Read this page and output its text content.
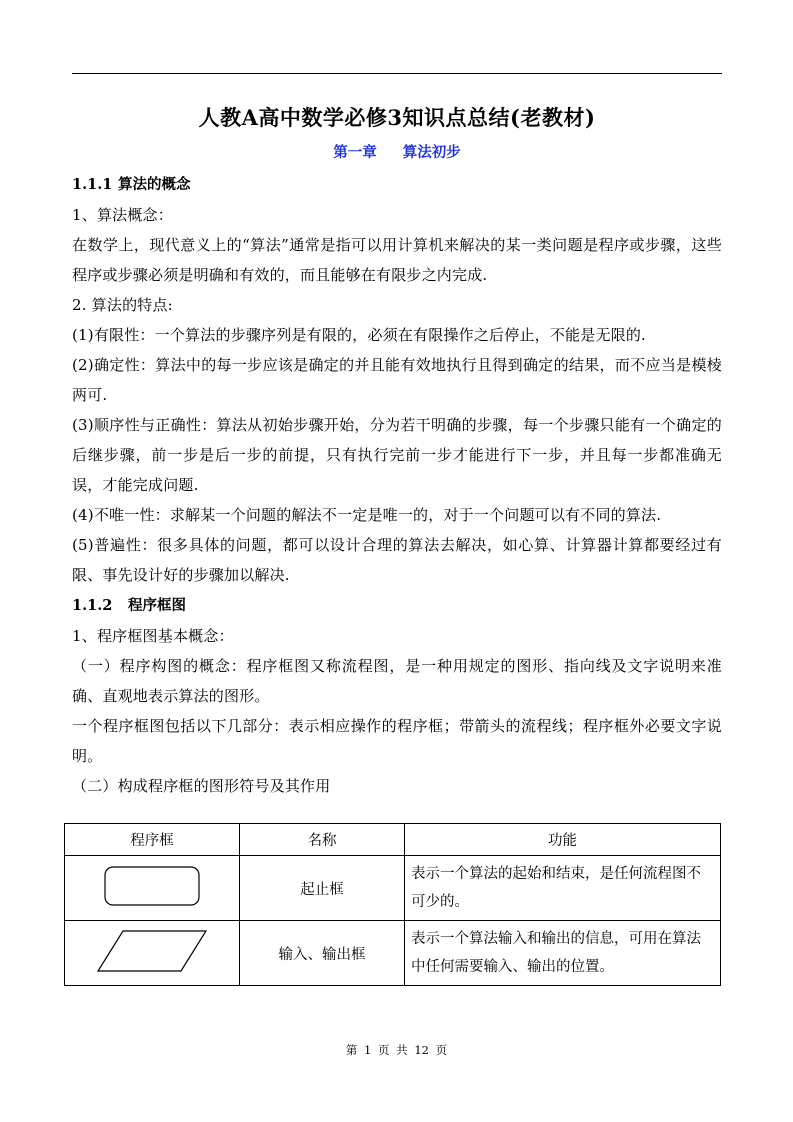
人教A高中数学必修3知识点总结(老教材)
第一章 算法初步
1.1.1 算法的概念

1、算法概念：

在数学上，现代意义上的“算法”通常是指可以用计算机来解决的某一类问题是程序或步骤，这些程序或步骤必须是明确和有效的，而且能够在有限步之内完成.

2. 算法的特点:

(1)有限性：一个算法的步骤序列是有限的，必须在有限操作之后停止，不能是无限的.

(2)确定性：算法中的每一步应该是确定的并且能有效地执行且得到确定的结果，而不应当是模棱两可.

(3)顺序性与正确性：算法从初始步骤开始，分为若干明确的步骤，每一个步骤只能有一个确定的后继步骤，前一步是后一步的前提，只有执行完前一步才能进行下一步，并且每一步都准确无误，才能完成问题.

(4)不唯一性：求解某一个问题的解法不一定是唯一的，对于一个问题可以有不同的算法.

(5)普遍性：很多具体的问题，都可以设计合理的算法去解决，如心算、计算器计算都要经过有限、事先设计好的步骤加以解决.

1.1.2 程序框图

1、程序框图基本概念：

（一）程序构图的概念：程序框图又称流程图，是一种用规定的图形、指向线及文字说明来准确、直观地表示算法的图形。

一个程序框图包括以下几部分：表示相应操作的程序框；带箭头的流程线；程序框外必要文字说明。

（二）构成程序框的图形符号及其作用

程序框	名称	功能
	起止框	表示一个算法的起始和结束，是任何流程图不可少的。
	输入、输出框	表示一个算法输入和输出的信息，可用在算法中任何需要输入、输出的位置。
第 1 页 共 12 页
